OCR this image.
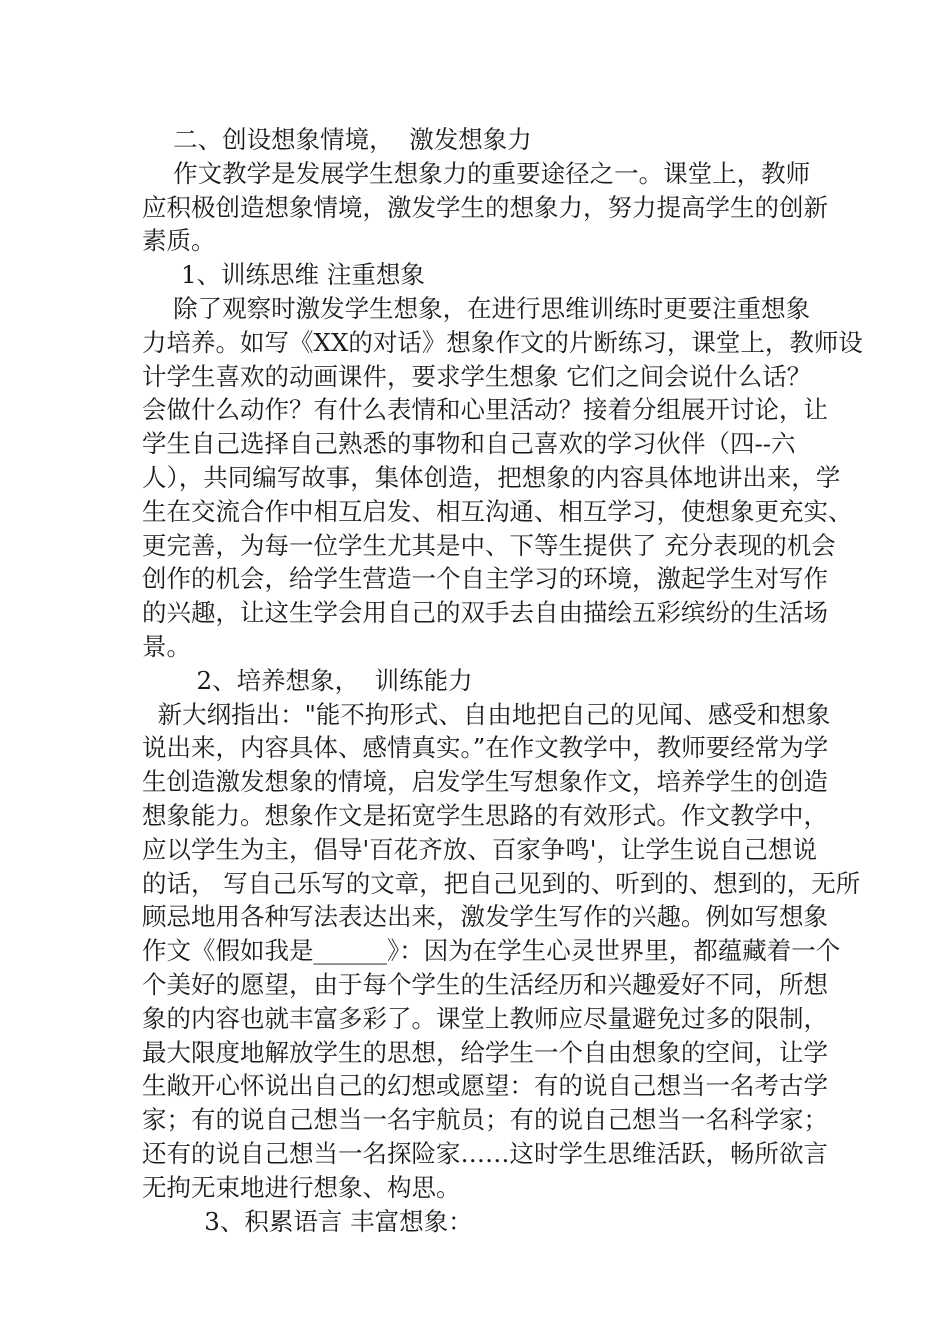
二、创设想象情境，  激发想象力
作文教学是发展学生想象力的重要途径之一。课堂上，教师
应积极创造想象情境，激发学生的想象力，努力提高学生的创新
素质。
1、训练思维 注重想象
除了观察时激发学生想象，在进行思维训练时更要注重想象
力培养。如写《XX的对话》想象作文的片断练习，课堂上，教师设
计学生喜欢的动画课件，要求学生想象 它们之间会说什么话？
会做什么动作？有什么表情和心里活动？接着分组展开讨论，让
学生自己选择自己熟悉的事物和自己喜欢的学习伙伴（四--六
人），共同编写故事，集体创造，把想象的内容具体地讲出来，学
生在交流合作中相互启发、相互沟通、相互学习，使想象更充实、
更完善，为每一位学生尤其是中、下等生提供了 充分表现的机会
创作的机会，给学生营造一个自主学习的环境，激起学生对写作
的兴趣，让这生学会用自己的双手去自由描绘五彩缤纷的生活场
景。
2、培养想象，  训练能力
新大纲指出："能不拘形式、自由地把自己的见闻、感受和想象
说出来，内容具体、感情真实。”在作文教学中，教师要经常为学
生创造激发想象的情境，启发学生写想象作文，培养学生的创造
想象能力。想象作文是拓宽学生思路的有效形式。作文教学中，
应以学生为主，倡导'百花齐放、百家争鸣'，让学生说自己想说
的话， 写自己乐写的文章，把自己见到的、听到的、想到的，无所
顾忌地用各种写法表达出来，激发学生写作的兴趣。例如写想象
作文《假如我是______》：因为在学生心灵世界里，都蕴藏着一个
个美好的愿望，由于每个学生的生活经历和兴趣爱好不同，所想
象的内容也就丰富多彩了。课堂上教师应尽量避免过多的限制，
最大限度地解放学生的思想，给学生一个自由想象的空间，让学
生敞开心怀说出自己的幻想或愿望：有的说自己想当一名考古学
家；有的说自己想当一名宇航员；有的说自己想当一名科学家；
还有的说自己想当一名探险家……这时学生思维活跃，畅所欲言
无拘无束地进行想象、构思。
3、积累语言 丰富想象：
